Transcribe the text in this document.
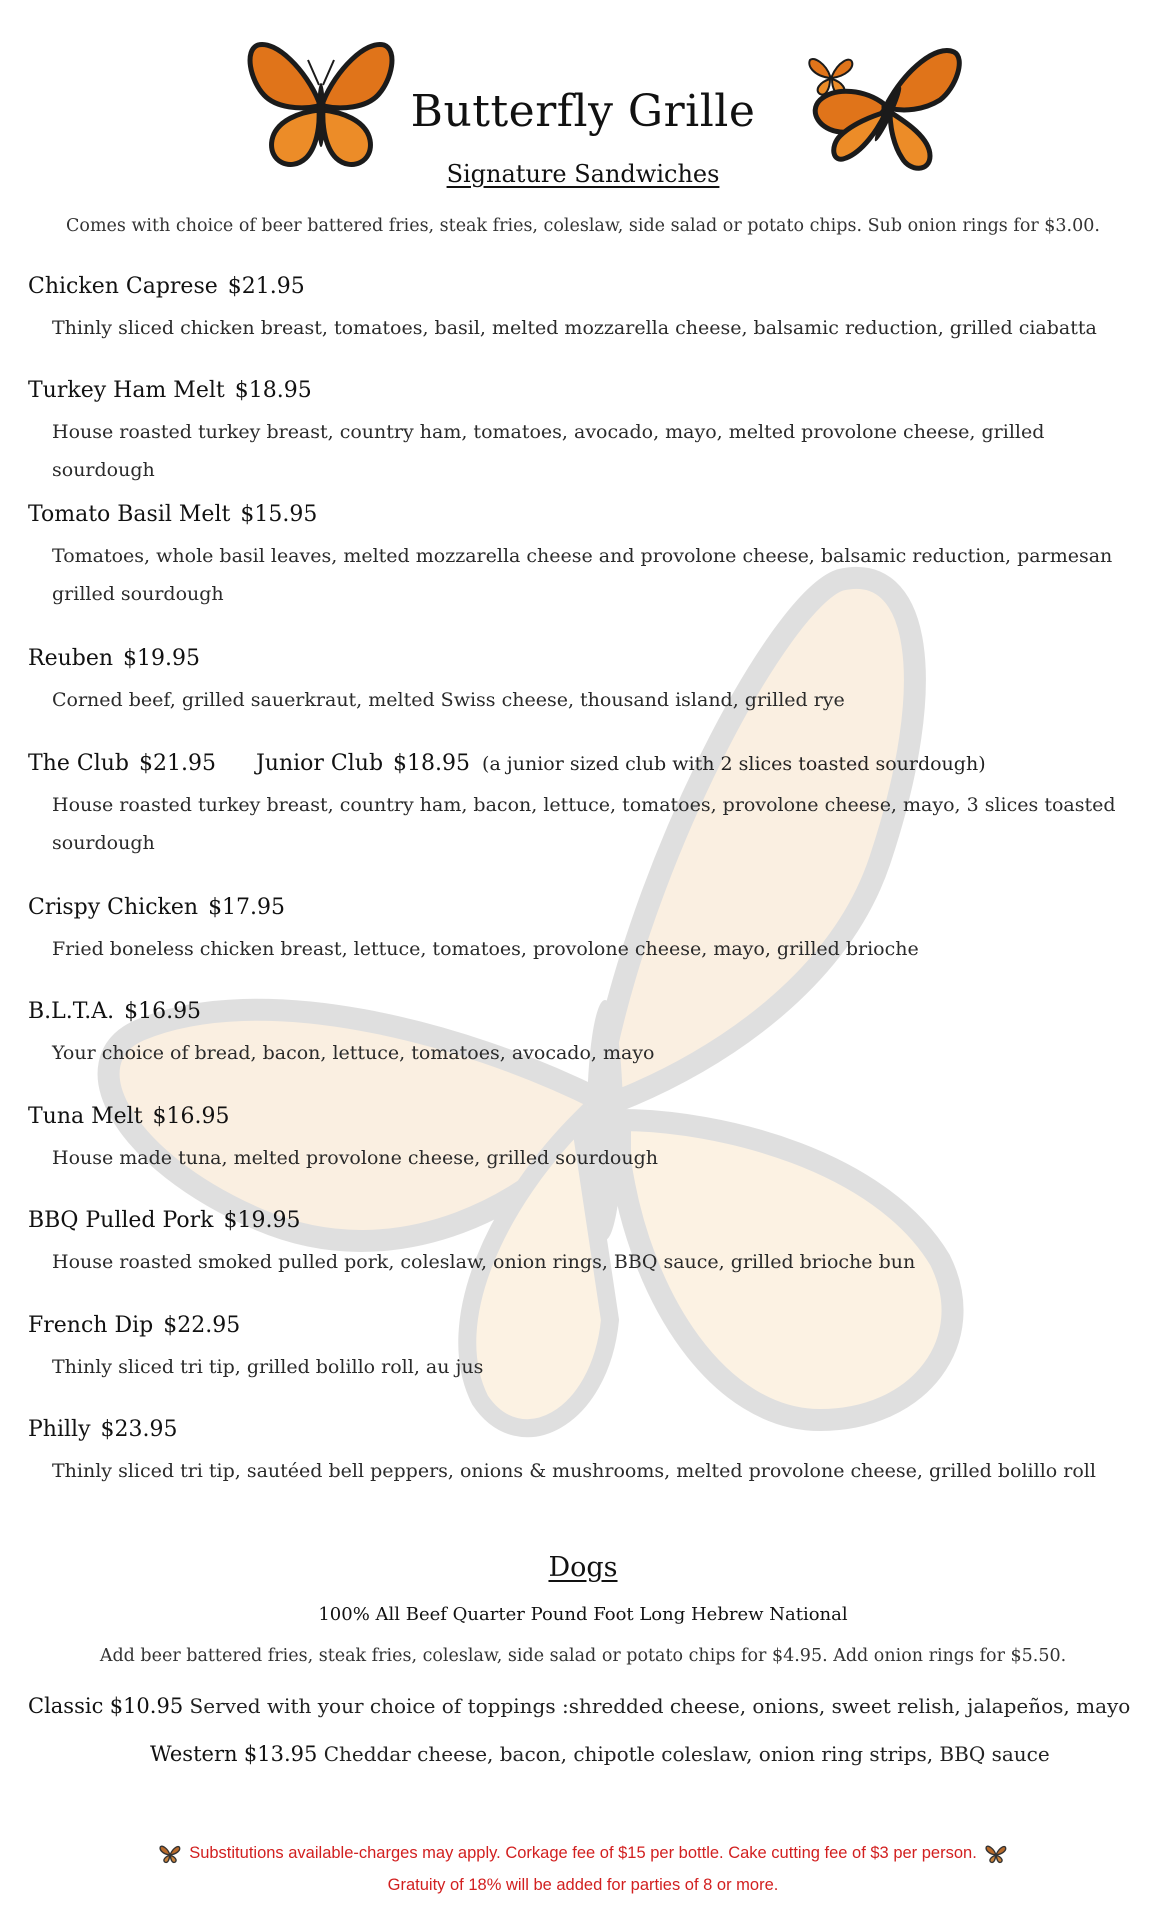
Butterfly Grille
Signature Sandwiches
Comes with choice of beer battered fries, steak fries, coleslaw, side salad or potato chips. Sub onion rings for $3.00.
Chicken Caprese $21.95
Thinly sliced chicken breast, tomatoes, basil, melted mozzarella cheese, balsamic reduction, grilled ciabatta
Turkey Ham Melt $18.95
House roasted turkey breast, country ham, tomatoes, avocado, mayo, melted provolone cheese, grilled sourdough
Tomato Basil Melt $15.95
Tomatoes, whole basil leaves, melted mozzarella cheese and provolone cheese, balsamic reduction, parmesan grilled sourdough
Reuben $19.95
Corned beef, grilled sauerkraut, melted Swiss cheese, thousand island, grilled rye
The Club $21.95 Junior Club $18.95 (a junior sized club with 2 slices toasted sourdough)
House roasted turkey breast, country ham, bacon, lettuce, tomatoes, provolone cheese, mayo, 3 slices toasted sourdough
Crispy Chicken $17.95
Fried boneless chicken breast, lettuce, tomatoes, provolone cheese, mayo, grilled brioche
B.L.T.A. $16.95
Your choice of bread, bacon, lettuce, tomatoes, avocado, mayo
Tuna Melt $16.95
House made tuna, melted provolone cheese, grilled sourdough
BBQ Pulled Pork $19.95
House roasted smoked pulled pork, coleslaw, onion rings, BBQ sauce, grilled brioche bun
French Dip $22.95
Thinly sliced tri tip, grilled bolillo roll, au jus
Philly $23.95
Thinly sliced tri tip, sautéed bell peppers, onions & mushrooms, melted provolone cheese, grilled bolillo roll
Dogs
100% All Beef Quarter Pound Foot Long Hebrew National
Add beer battered fries, steak fries, coleslaw, side salad or potato chips for $4.95. Add onion rings for $5.50.
Classic $10.95 Served with your choice of toppings :shredded cheese, onions, sweet relish, jalapeños, mayo
Western $13.95 Cheddar cheese, bacon, chipotle coleslaw, onion ring strips, BBQ sauce
Substitutions available-charges may apply. Corkage fee of $15 per bottle. Cake cutting fee of $3 per person.
Gratuity of 18% will be added for parties of 8 or more.
